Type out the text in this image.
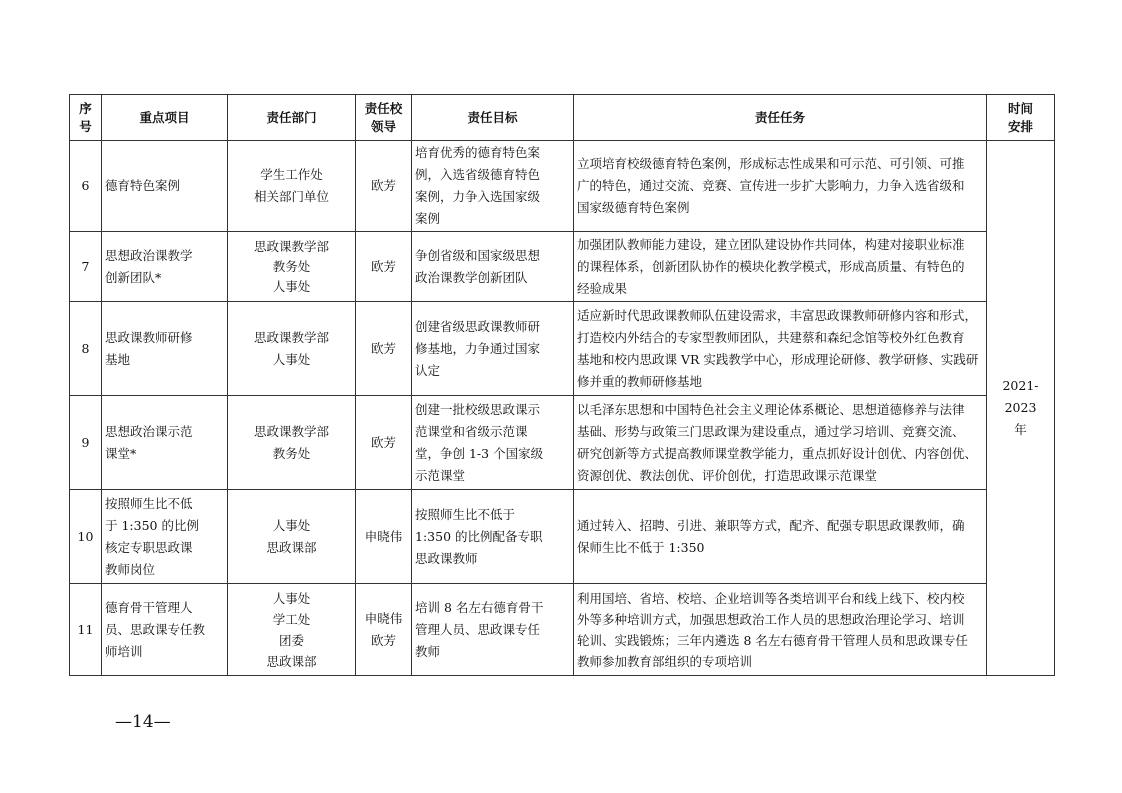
序
号	重点项目	责任部门	责任校
领导	责任目标	责任任务	时间
安排

6	德育特色案例	学生工作处
相关部门单位	欧芳	培育优秀的德育特色案
例，入选省级德育特色
案例，力争入选国家级
案例	立项培育校级德育特色案例，形成标志性成果和可示范、可引领、可推
广的特色，通过交流、竞赛、宣传进一步扩大影响力，力争入选省级和
国家级德育特色案例	2021-
2023
年

7	思想政治课教学
创新团队*	思政课教学部
教务处
人事处	欧芳	争创省级和国家级思想
政治课教学创新团队	加强团队教师能力建设，建立团队建设协作共同体，构建对接职业标准
的课程体系，创新团队协作的模块化教学模式，形成高质量、有特色的
经验成果	

8	思政课教师研修
基地	思政课教学部
人事处	欧芳	创建省级思政课教师研
修基地，力争通过国家
认定	适应新时代思政课教师队伍建设需求，丰富思政课教师研修内容和形式，
打造校内外结合的专家型教师团队，共建蔡和森纪念馆等校外红色教育
基地和校内思政课 VR 实践教学中心，形成理论研修、教学研修、实践研
修并重的教师研修基地	

9	思想政治课示范
课堂*	思政课教学部
教务处	欧芳	创建一批校级思政课示
范课堂和省级示范课
堂，争创 1-3 个国家级
示范课堂	以毛泽东思想和中国特色社会主义理论体系概论、思想道德修养与法律
基础、形势与政策三门思政课为建设重点，通过学习培训、竞赛交流、
研究创新等方式提高教师课堂教学能力，重点抓好设计创优、内容创优、
资源创优、教法创优、评价创优，打造思政课示范课堂	

10	按照师生比不低
于 1:350 的比例
核定专职思政课
教师岗位	人事处
思政课部	申晓伟	按照师生比不低于
1:350 的比例配备专职
思政课教师	通过转入、招聘、引进、兼职等方式，配齐、配强专职思政课教师，确
保师生比不低于 1:350	

11	德育骨干管理人
员、思政课专任教
师培训	人事处
学工处
团委
思政课部	申晓伟
欧芳	培训 8 名左右德育骨干
管理人员、思政课专任
教师	利用国培、省培、校培、企业培训等各类培训平台和线上线下、校内校
外等多种培训方式，加强思想政治工作人员的思想政治理论学习、培训
轮训、实践锻炼；三年内遴选 8 名左右德育骨干管理人员和思政课专任
教师参加教育部组织的专项培训	
—14—
